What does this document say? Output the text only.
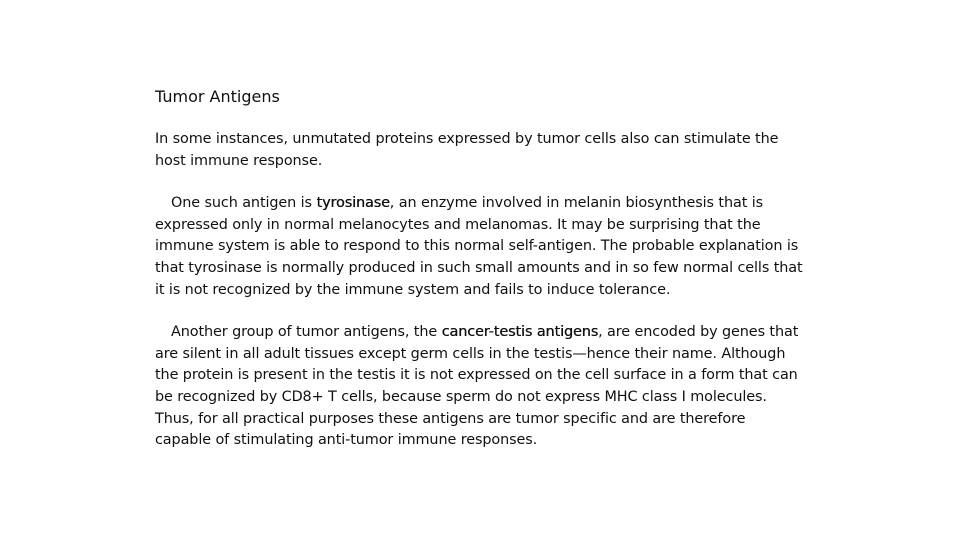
Tumor Antigens

In some instances, unmutated proteins expressed by tumor cells also can stimulate the host immune response.

One such antigen is tyrosinase, an enzyme involved in melanin biosynthesis that is expressed only in normal melanocytes and melanomas. It may be surprising that the immune system is able to respond to this normal self-antigen. The probable explanation is that tyrosinase is normally produced in such small amounts and in so few normal cells that it is not recognized by the immune system and fails to induce tolerance.

Another group of tumor antigens, the cancer-testis antigens, are encoded by genes that are silent in all adult tissues except germ cells in the testis—hence their name. Although the protein is present in the testis it is not expressed on the cell surface in a form that can be recognized by CD8+ T cells, because sperm do not express MHC class I molecules. Thus, for all practical purposes these antigens are tumor specific and are therefore capable of stimulating anti-tumor immune responses.
